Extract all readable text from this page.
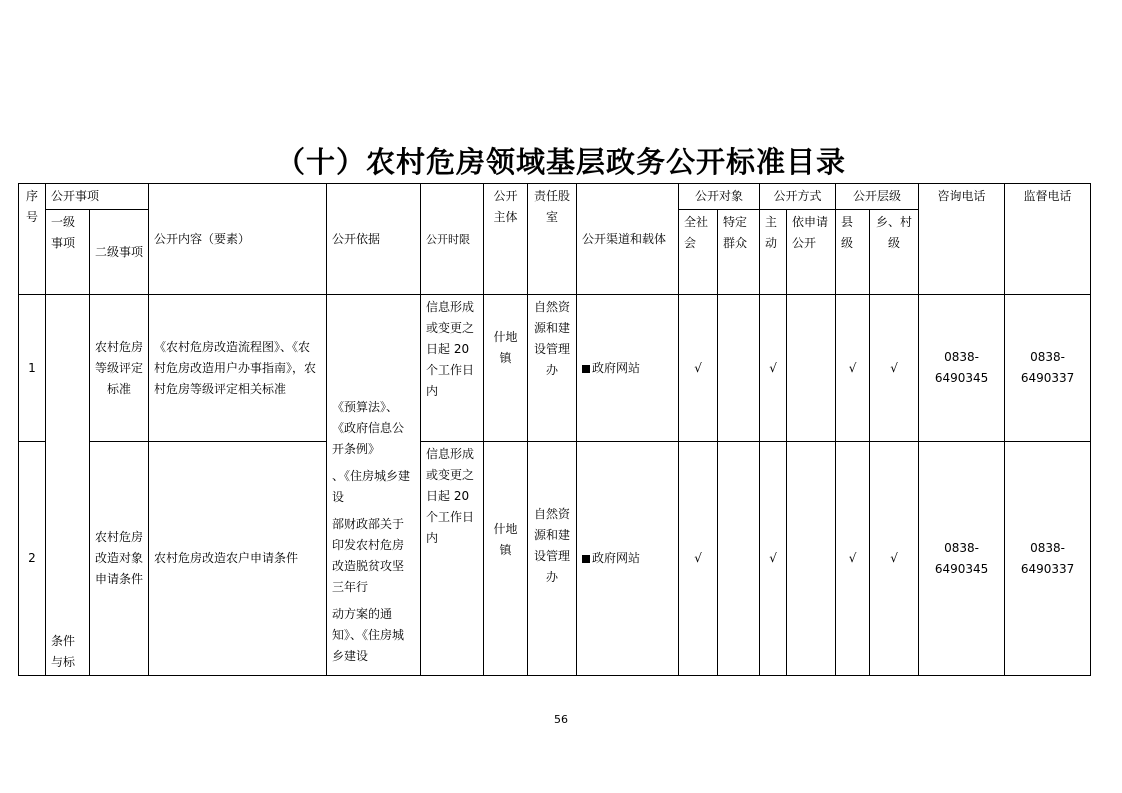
（十）农村危房领域基层政务公开标准目录
序号	公开事项		公开内容（要素）	公开依据	公开时限	公开主体	责任股室	公开渠道和载体	公开对象		公开方式		公开层级		咨询电话	监督电话
	一级事项	二级事项							全社会	特定群众	主动	依申请公开	县级	乡、村级		
1	条件与标	农村危房等级评定标准	《农村危房改造流程图》、《农村危房改造用户办事指南》，农村危房等级评定相关标准	《预算法》、《政府信息公开条例》

、《住房城乡建设

部财政部关于印发农村危房改造脱贫攻坚三年行

动方案的通知》、《住房城乡建设	信息形成或变更之日起 20 个工作日内	什地镇	自然资源和建设管理办	政府网站	√		√		√	√	0838-6490345	0838-6490337
2		农村危房改造对象申请条件	农村危房改造农户申请条件		信息形成或变更之日起 20 个工作日内	什地镇	自然资源和建设管理办	政府网站	√		√		√	√	0838-6490345	0838-6490337
56
